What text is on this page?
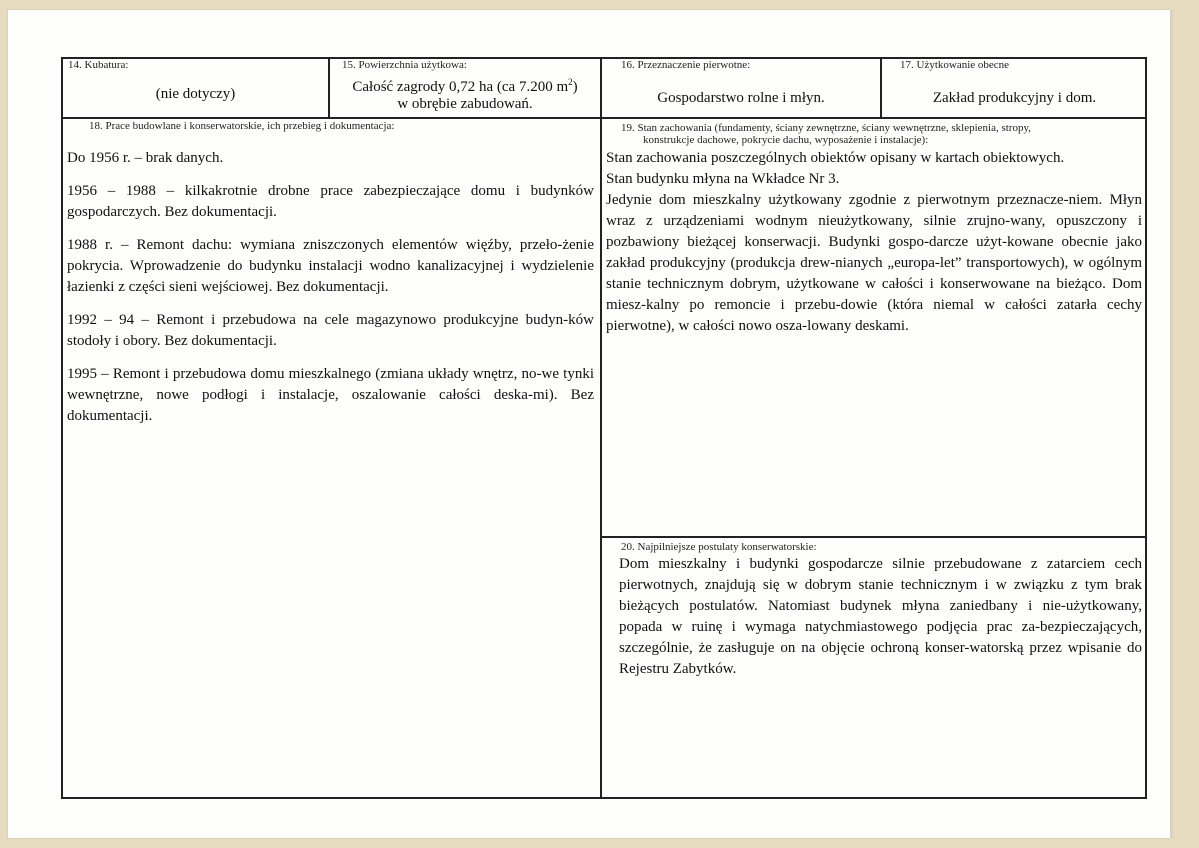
14. Kubatura:
(nie dotyczy)
15. Powierzchnia użytkowa:
Całość zagrody 0,72 ha (ca 7.200 $m^2$)
w obrębie zabudowań.
16. Przeznaczenie pierwotne:
Gospodarstwo rolne i młyn.
17. Użytkowanie obecne
Zakład produkcyjny i dom.
18. Prace budowlane i konserwatorskie, ich przebieg i dokumentacja:

Do 1956 r. – brak danych.

1956 – 1988 – kilkakrotnie drobne prace zabezpieczające domu i budynków gospodarczych. Bez dokumentacji.

1988 r. – Remont dachu: wymiana zniszczonych elementów więźby, przeło-żenie pokrycia. Wprowadzenie do budynku instalacji wodno kanalizacyjnej i wydzielenie łazienki z części sieni wejściowej. Bez dokumentacji.

1992 – 94 – Remont i przebudowa na cele magazynowo produkcyjne budyn-ków stodoły i obory. Bez dokumentacji.

1995 – Remont i przebudowa domu mieszkalnego (zmiana układy wnętrz, no-we tynki wewnętrzne, nowe podłogi i instalacje, oszalowanie całości deska-mi). Bez dokumentacji.

19. Stan zachowania (fundamenty, ściany zewnętrzne, ściany wewnętrzne, sklepienia, stropy,
konstrukcje dachowe, pokrycie dachu, wyposażenie i instalacje):

Stan zachowania poszczególnych obiektów opisany w kartach obiektowych.

Stan budynku młyna na Wkładce Nr 3.

Jedynie dom mieszkalny użytkowany zgodnie z pierwotnym przeznacze-niem. Młyn wraz z urządzeniami wodnym nieużytkowany, silnie zrujno-wany, opuszczony i pozbawiony bieżącej konserwacji. Budynki gospo-darcze użyt-kowane obecnie jako zakład produkcyjny (produkcja drew-nianych „europa-let” transportowych), w ogólnym stanie technicznym dobrym, użytkowane w całości i konserwowane na bieżąco. Dom miesz-kalny po remoncie i przebu-dowie (która niemal w całości zatarła cechy pierwotne), w całości nowo osza-lowany deskami.

20. Najpilniejsze postulaty konserwatorskie:

Dom mieszkalny i budynki gospodarcze silnie przebudowane z zatarciem cech pierwotnych, znajdują się w dobrym stanie technicznym i w związku z tym brak bieżących postulatów. Natomiast budynek młyna zaniedbany i nie-użytkowany, popada w ruinę i wymaga natychmiastowego podjęcia prac za-bezpieczających, szczególnie, że zasługuje on na objęcie ochroną konser-watorską przez wpisanie do Rejestru Zabytków.
